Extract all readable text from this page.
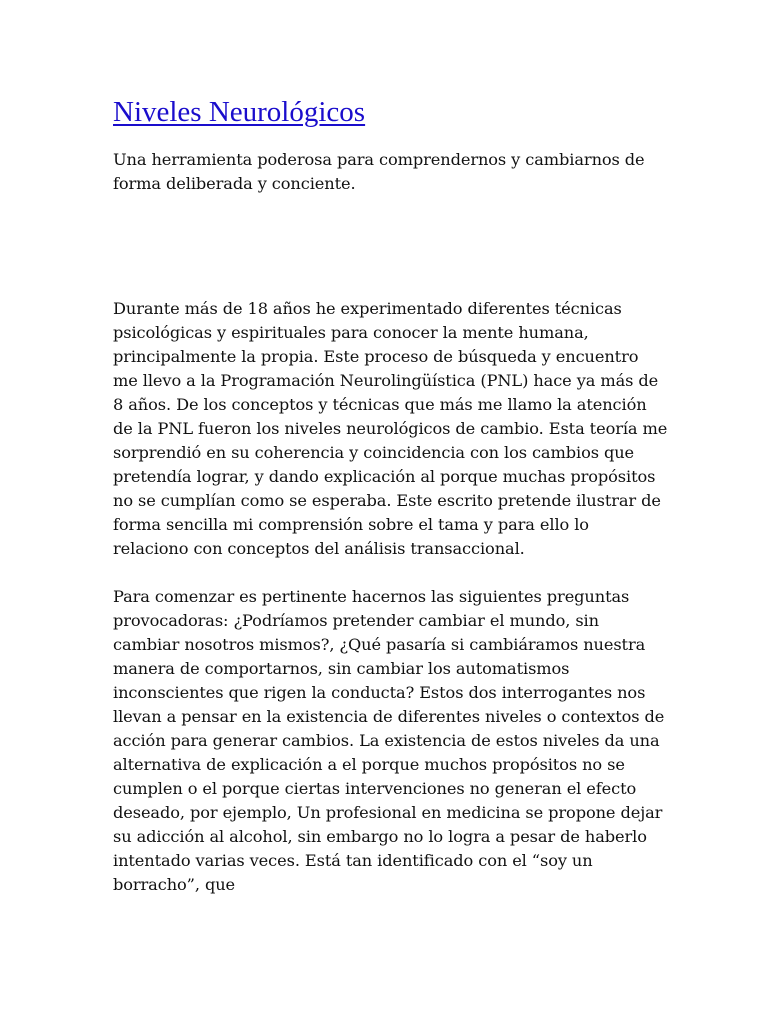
Niveles Neurológicos

Una herramienta poderosa para comprendernos y cambiarnos de forma deliberada y conciente.

Durante más de 18 años he experimentado diferentes técnicas psicológicas y espirituales para conocer la mente humana, principalmente la propia. Este proceso de búsqueda y encuentro me llevo a la Programación Neurolingüística (PNL) hace ya más de 8 años. De los conceptos y técnicas que más me llamo la atención de la PNL fueron los niveles neurológicos de cambio. Esta teoría me sorprendió en su coherencia y coincidencia con los cambios que pretendía lograr, y dando explicación al porque muchas propósitos no se cumplían como se esperaba. Este escrito pretende ilustrar de forma sencilla mi comprensión sobre el tama y para ello lo relaciono con conceptos del análisis transaccional.

Para comenzar es pertinente hacernos las siguientes preguntas provocadoras: ¿Podríamos pretender cambiar el mundo, sin cambiar nosotros mismos?, ¿Qué pasaría si cambiáramos nuestra manera de comportarnos, sin cambiar los automatismos inconscientes que rigen la conducta? Estos dos interrogantes nos llevan a pensar en la existencia de diferentes niveles o contextos de acción para generar cambios. La existencia de estos niveles da una alternativa de explicación a el porque muchos propósitos no se cumplen o el porque ciertas intervenciones no generan el efecto deseado, por ejemplo, Un profesional en medicina se propone dejar su adicción al alcohol, sin embargo no lo logra a pesar de haberlo intentado varias veces. Está tan identificado con el “soy un borracho”, que
